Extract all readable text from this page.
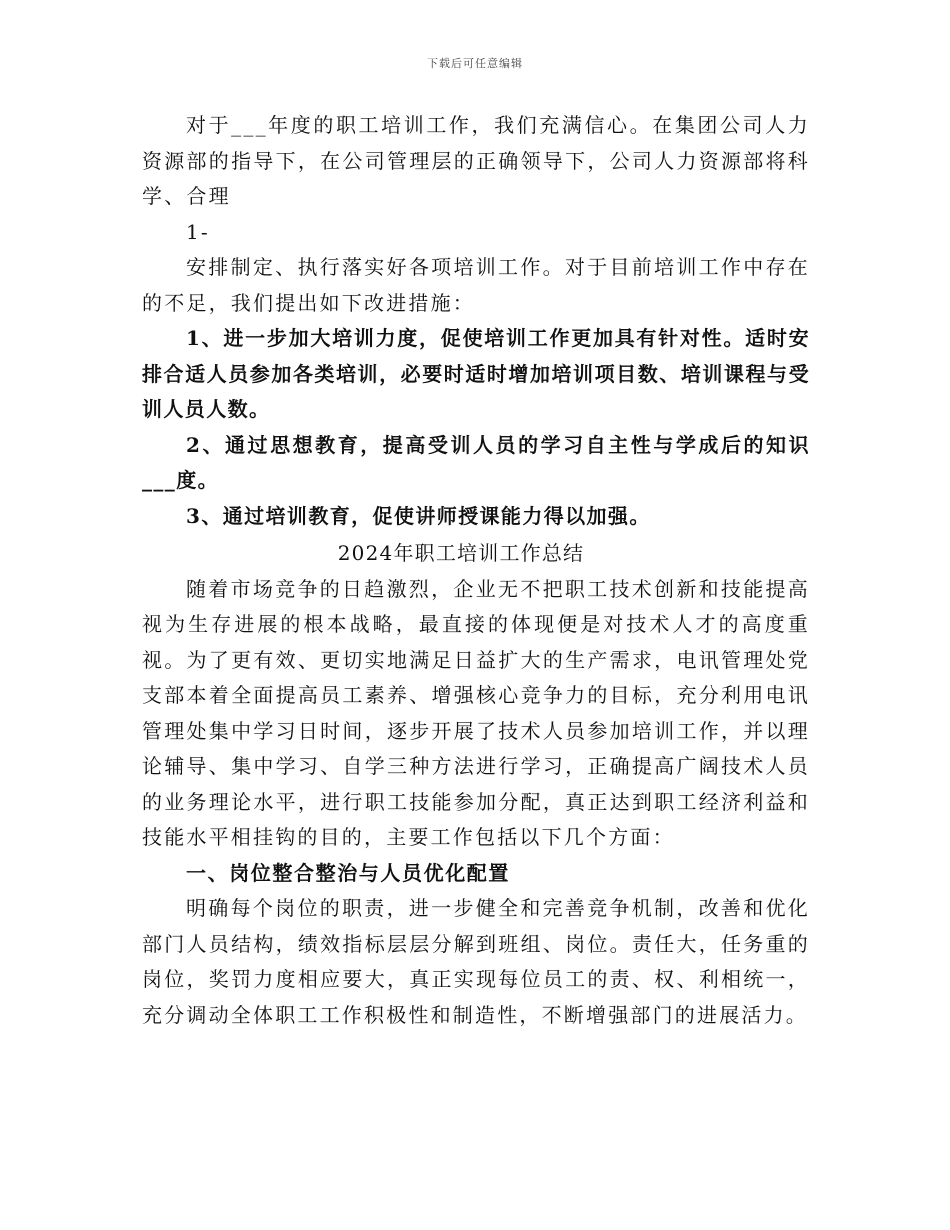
下载后可任意编辑

对于___年度的职工培训工作，我们充满信心。在集团公司人力资源部的指导下，在公司管理层的正确领导下，公司人力资源部将科学、合理

1-

安排制定、执行落实好各项培训工作。对于目前培训工作中存在的不足，我们提出如下改进措施：

1、进一步加大培训力度，促使培训工作更加具有针对性。适时安排合适人员参加各类培训，必要时适时增加培训项目数、培训课程与受训人员人数。

2、通过思想教育，提高受训人员的学习自主性与学成后的知识___度。

3、通过培训教育，促使讲师授课能力得以加强。

2024年职工培训工作总结

随着市场竞争的日趋激烈，企业无不把职工技术创新和技能提高视为生存进展的根本战略，最直接的体现便是对技术人才的高度重视。为了更有效、更切实地满足日益扩大的生产需求，电讯管理处党支部本着全面提高员工素养、增强核心竞争力的目标，充分利用电讯管理处集中学习日时间，逐步开展了技术人员参加培训工作，并以理论辅导、集中学习、自学三种方法进行学习，正确提高广阔技术人员的业务理论水平，进行职工技能参加分配，真正达到职工经济利益和技能水平相挂钩的目的，主要工作包括以下几个方面：

一、岗位整合整治与人员优化配置

明确每个岗位的职责，进一步健全和完善竞争机制，改善和优化部门人员结构，绩效指标层层分解到班组、岗位。责任大，任务重的岗位，奖罚力度相应要大，真正实现每位员工的责、权、利相统一，充分调动全体职工工作积极性和制造性，不断增强部门的进展活力。
